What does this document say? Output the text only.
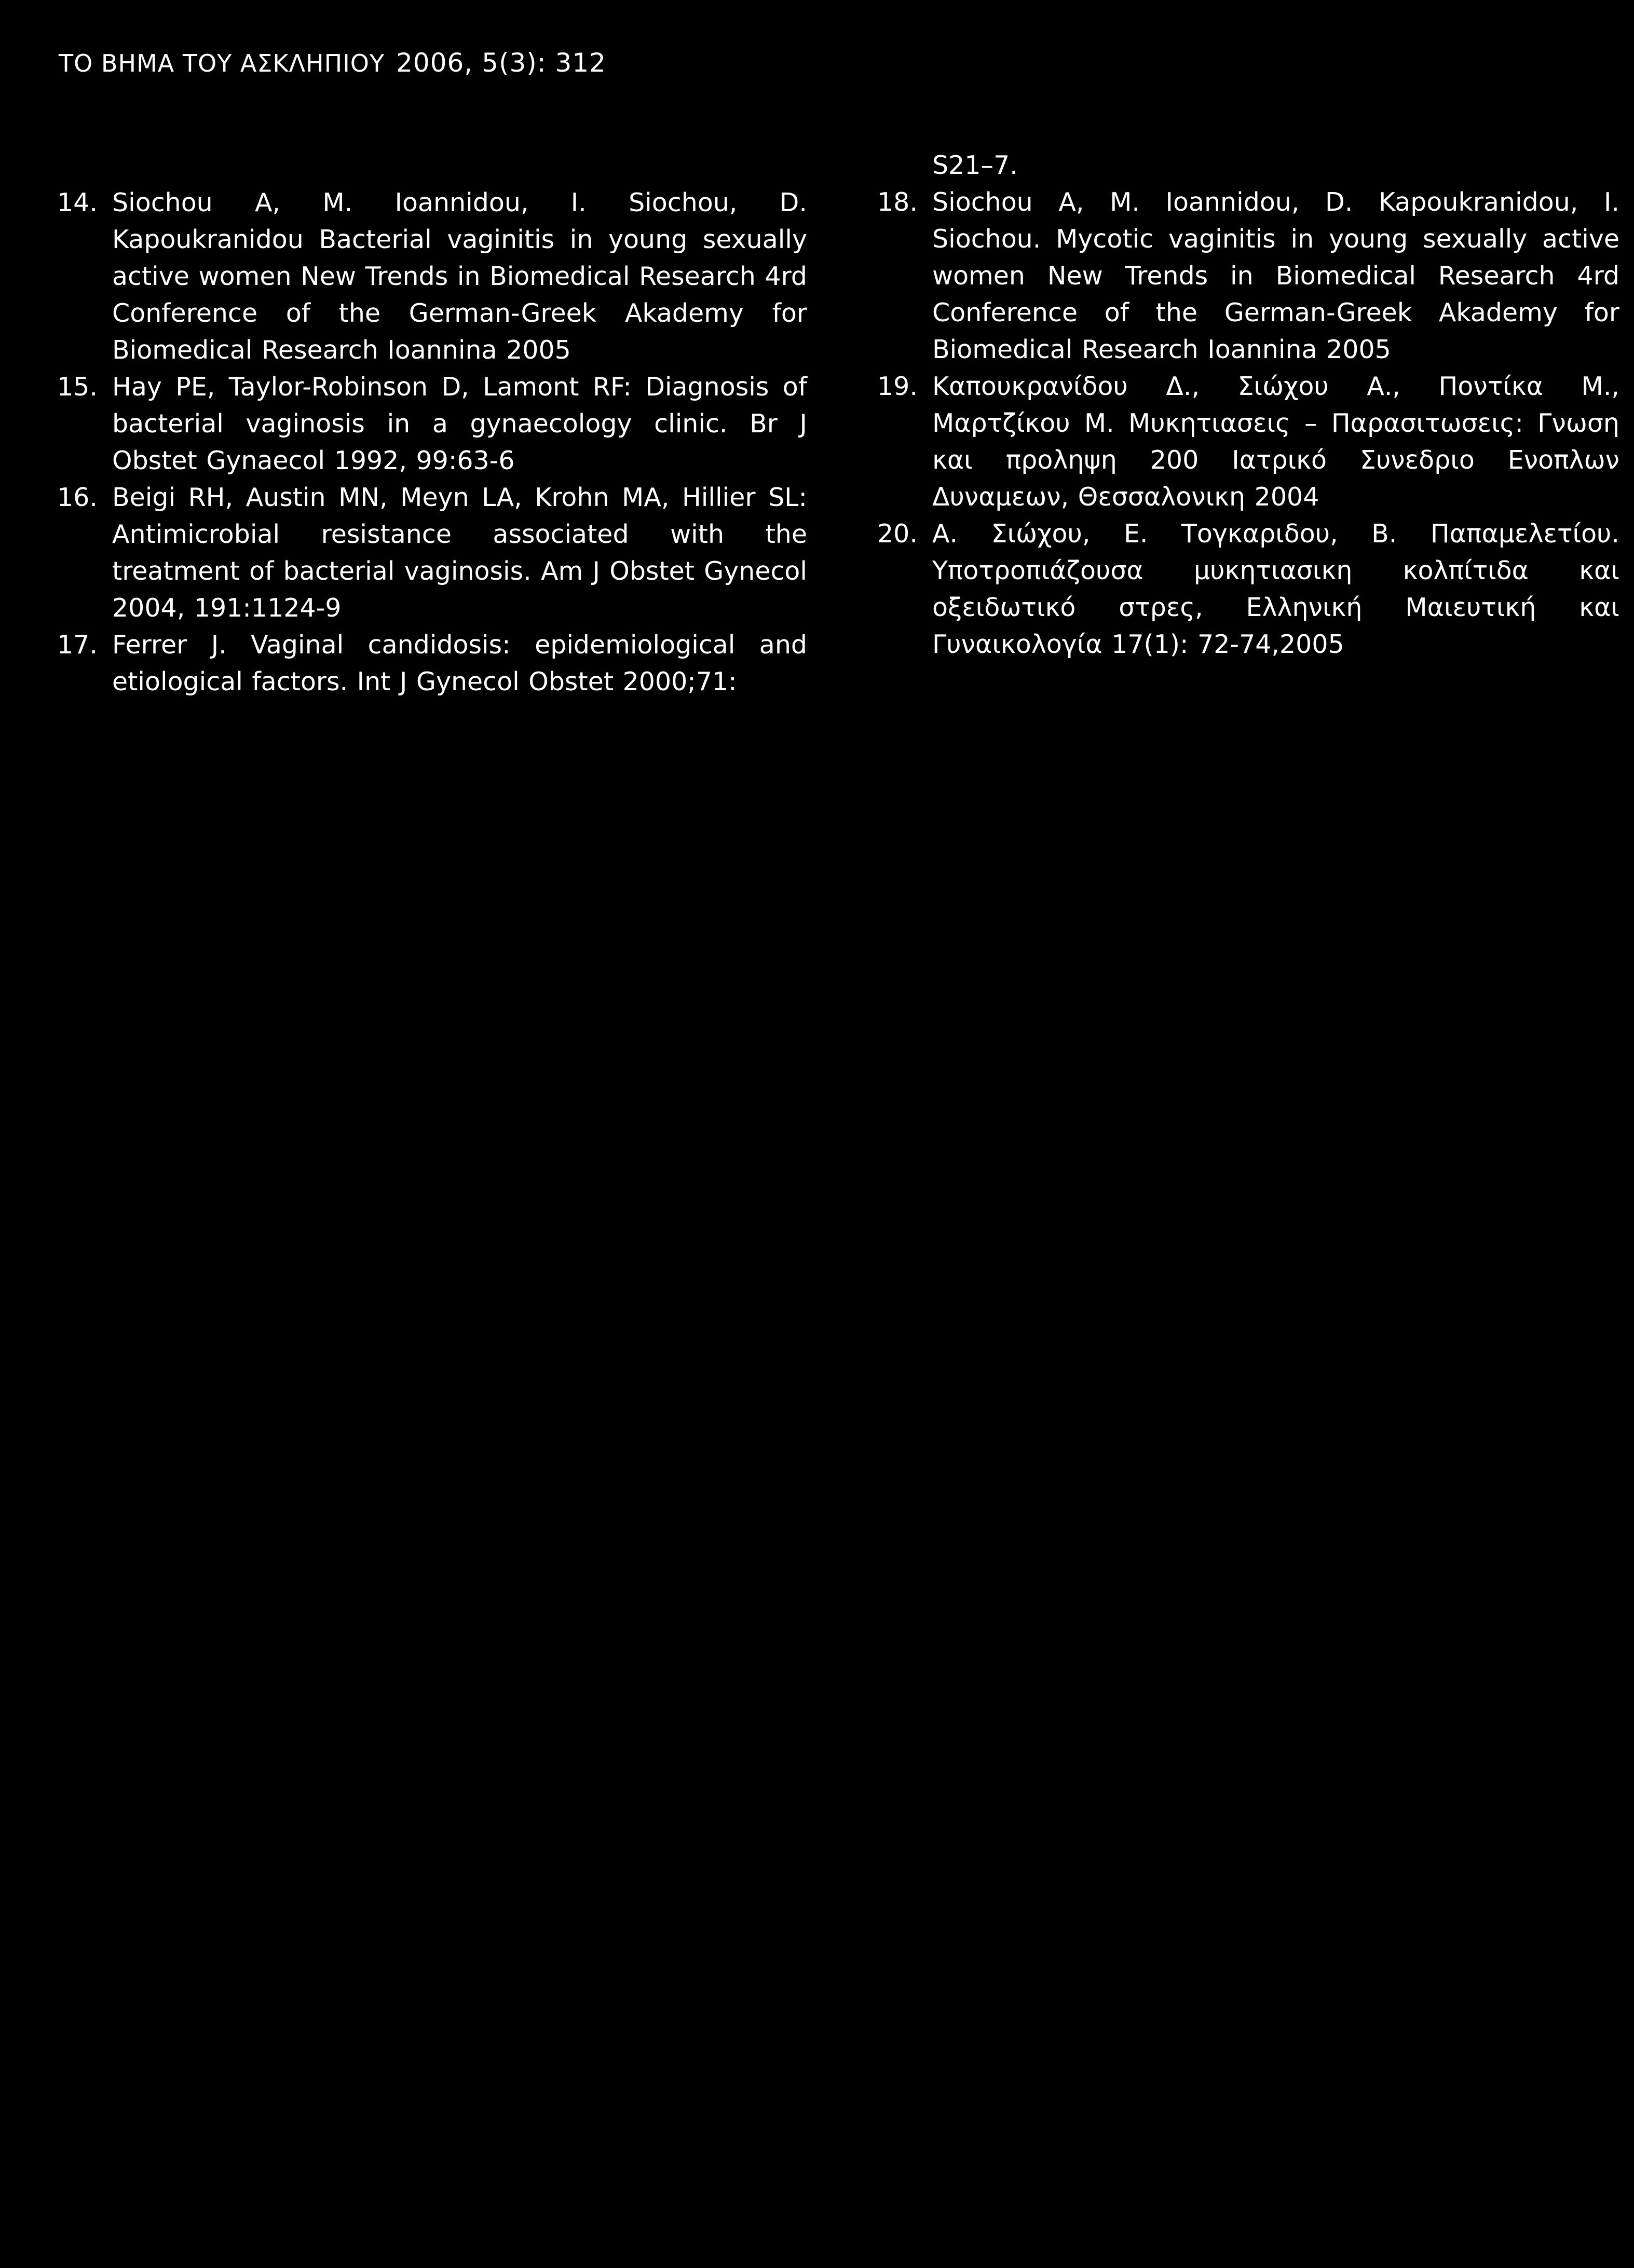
ΤΟ ΒΗΜΑ ΤΟΥ ΑΣΚΛΗΠΙΟΥ 2006, 5(3): 312
14. Siochou A, M. Ioannidou, I. Siochou, D. Kapoukranidou Bacterial vaginitis in young sexually active women New Trends in Biomedical Research 4rd Conference of the German-Greek Akademy for Biomedical Research Ioannina 2005
15. Hay PE, Taylor-Robinson D, Lamont RF: Diagnosis of bacterial vaginosis in a gynaecology clinic. Br J Obstet Gynaecol 1992, 99:63-6
16. Beigi RH, Austin MN, Meyn LA, Krohn MA, Hillier SL: Antimicrobial resistance associated with the treatment of bacterial vaginosis. Am J Obstet Gynecol 2004, 191:1124-9
17. Ferrer J. Vaginal candidosis: epidemiological and etiological factors. Int J Gynecol Obstet 2000;71:
S21–7.
18. Siochou A, M. Ioannidou, D. Kapoukranidou, I. Siochou. Mycotic vaginitis in young sexually active women New Trends in Biomedical Research 4rd Conference of the German-Greek Akademy for Biomedical Research Ioannina 2005
19. Καπουκρανίδου Δ., Σιώχου Α., Ποντίκα Μ., Μαρτζίκου Μ. Μυκητιασεις – Παρασιτωσεις: Γνωση και προληψη 200 Ιατρικό Συνεδριο Ενοπλων Δυναμεων, Θεσσαλονικη 2004
20. Α. Σιώχου, Ε. Τογκαριδου, Β. Παπαμελετίου. Υποτροπιάζουσα μυκητιασικη κολπίτιδα και οξειδωτικό στρες, Ελληνική Μαιευτική και Γυναικολογία 17(1): 72-74,2005
